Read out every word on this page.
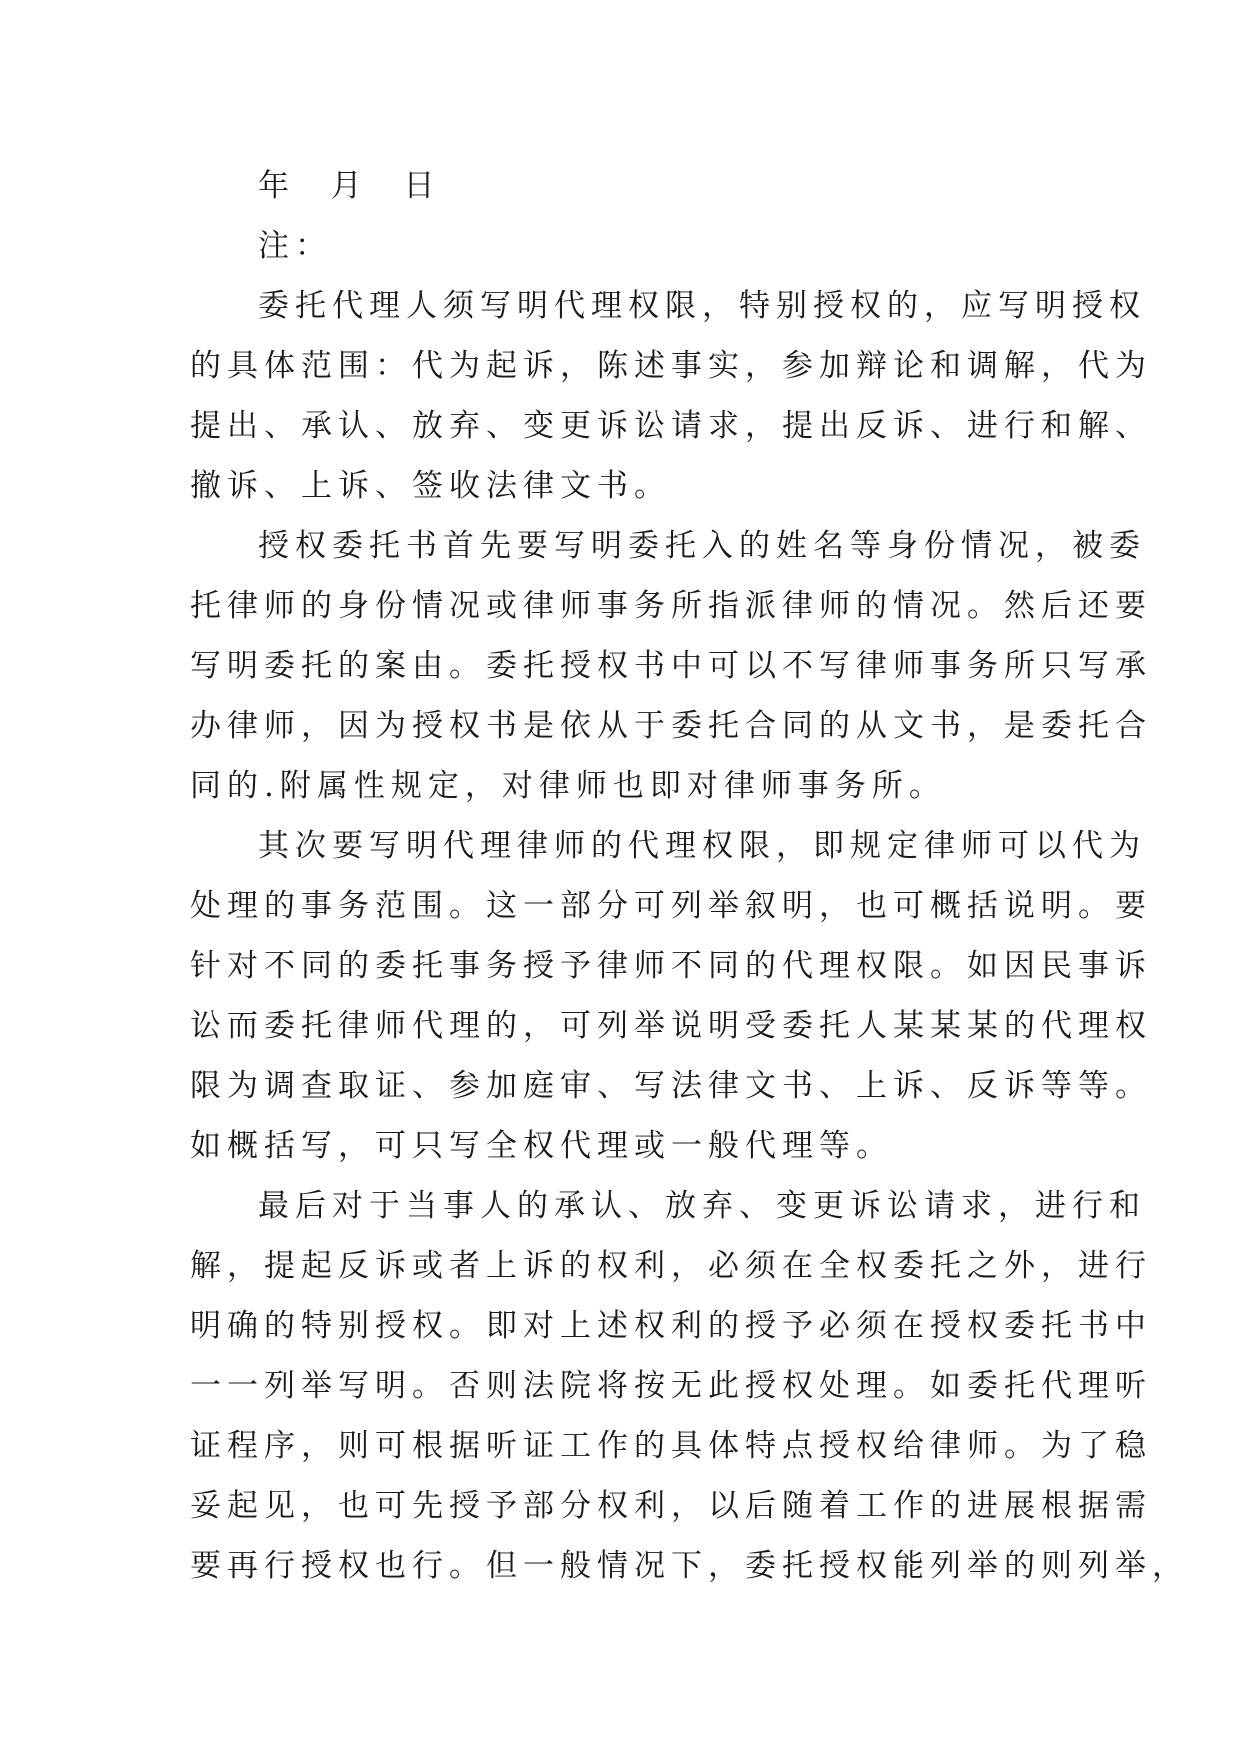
年 月 日

注：

委托代理人须写明代理权限，特别授权的，应写明授权

的具体范围：代为起诉，陈述事实，参加辩论和调解，代为

提出、承认、放弃、变更诉讼请求，提出反诉、进行和解、

撤诉、上诉、签收法律文书。

授权委托书首先要写明委托入的姓名等身份情况，被委

托律师的身份情况或律师事务所指派律师的情况。然后还要

写明委托的案由。委托授权书中可以不写律师事务所只写承

办律师，因为授权书是依从于委托合同的从文书，是委托合

同的.附属性规定，对律师也即对律师事务所。

其次要写明代理律师的代理权限，即规定律师可以代为

处理的事务范围。这一部分可列举叙明，也可概括说明。要

针对不同的委托事务授予律师不同的代理权限。如因民事诉

讼而委托律师代理的，可列举说明受委托人某某某的代理权

限为调查取证、参加庭审、写法律文书、上诉、反诉等等。

如概括写，可只写全权代理或一般代理等。

最后对于当事人的承认、放弃、变更诉讼请求，进行和

解，提起反诉或者上诉的权利，必须在全权委托之外，进行

明确的特别授权。即对上述权利的授予必须在授权委托书中

一一列举写明。否则法院将按无此授权处理。如委托代理听

证程序，则可根据听证工作的具体特点授权给律师。为了稳

妥起见，也可先授予部分权利，以后随着工作的进展根据需

要再行授权也行。但一般情况下，委托授权能列举的则列举，
